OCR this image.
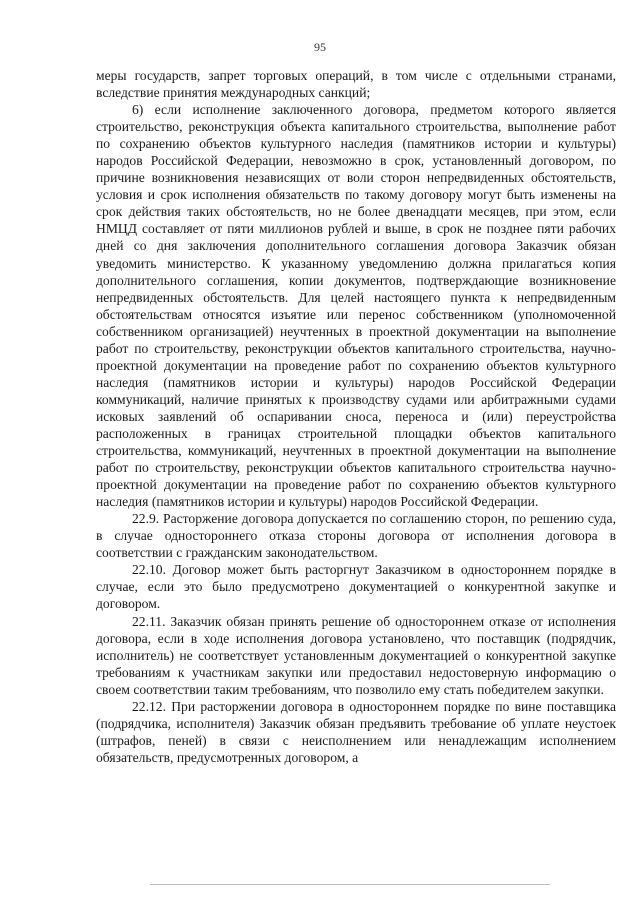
95

меры государств, запрет торговых операций, в том числе с отдельными странами, вследствие принятия международных санкций;

6) если исполнение заключенного договора, предметом которого является строительство, реконструкция объекта капитального строительства, выполнение работ по сохранению объектов культурного наследия (памятников истории и культуры) народов Российской Федерации, невозможно в срок, установленный договором, по причине возникновения независящих от воли сторон непредвиденных обстоятельств, условия и срок исполнения обязательств по такому договору могут быть изменены на срок действия таких обстоятельств, но не более двенадцати месяцев, при этом, если НМЦД составляет от пяти миллионов рублей и выше, в срок не позднее пяти рабочих дней со дня заключения дополнительного соглашения договора Заказчик обязан уведомить министерство. К указанному уведомлению должна прилагаться копия дополнительного соглашения, копии документов, подтверждающие возникновение непредвиденных обстоятельств. Для целей настоящего пункта к непредвиденным обстоятельствам относятся изъятие или перенос собственником (уполномоченной собственником организацией) неучтенных в проектной документации на выполнение работ по строительству, реконструкции объектов капитального строительства, научно-проектной документации на проведение работ по сохранению объектов культурного наследия (памятников истории и культуры) народов Российской Федерации коммуникаций, наличие принятых к производству судами или арбитражными судами исковых заявлений об оспаривании сноса, переноса и (или) переустройства расположенных в границах строительной площадки объектов капитального строительства, коммуникаций, неучтенных в проектной документации на выполнение работ по строительству, реконструкции объектов капитального строительства научно-проектной документации на проведение работ по сохранению объектов культурного наследия (памятников истории и культуры) народов Российской Федерации.

22.9. Расторжение договора допускается по соглашению сторон, по решению суда, в случае одностороннего отказа стороны договора от исполнения договора в соответствии с гражданским законодательством.

22.10. Договор может быть расторгнут Заказчиком в одностороннем порядке в случае, если это было предусмотрено документацией о конкурентной закупке и договором.

22.11. Заказчик обязан принять решение об одностороннем отказе от исполнения договора, если в ходе исполнения договора установлено, что поставщик (подрядчик, исполнитель) не соответствует установленным документацией о конкурентной закупке требованиям к участникам закупки или предоставил недостоверную информацию о своем соответствии таким требованиям, что позволило ему стать победителем закупки.

22.12. При расторжении договора в одностороннем порядке по вине поставщика (подрядчика, исполнителя) Заказчик обязан предъявить требование об уплате неустоек (штрафов, пеней) в связи с неисполнением или ненадлежащим исполнением обязательств, предусмотренных договором, а
